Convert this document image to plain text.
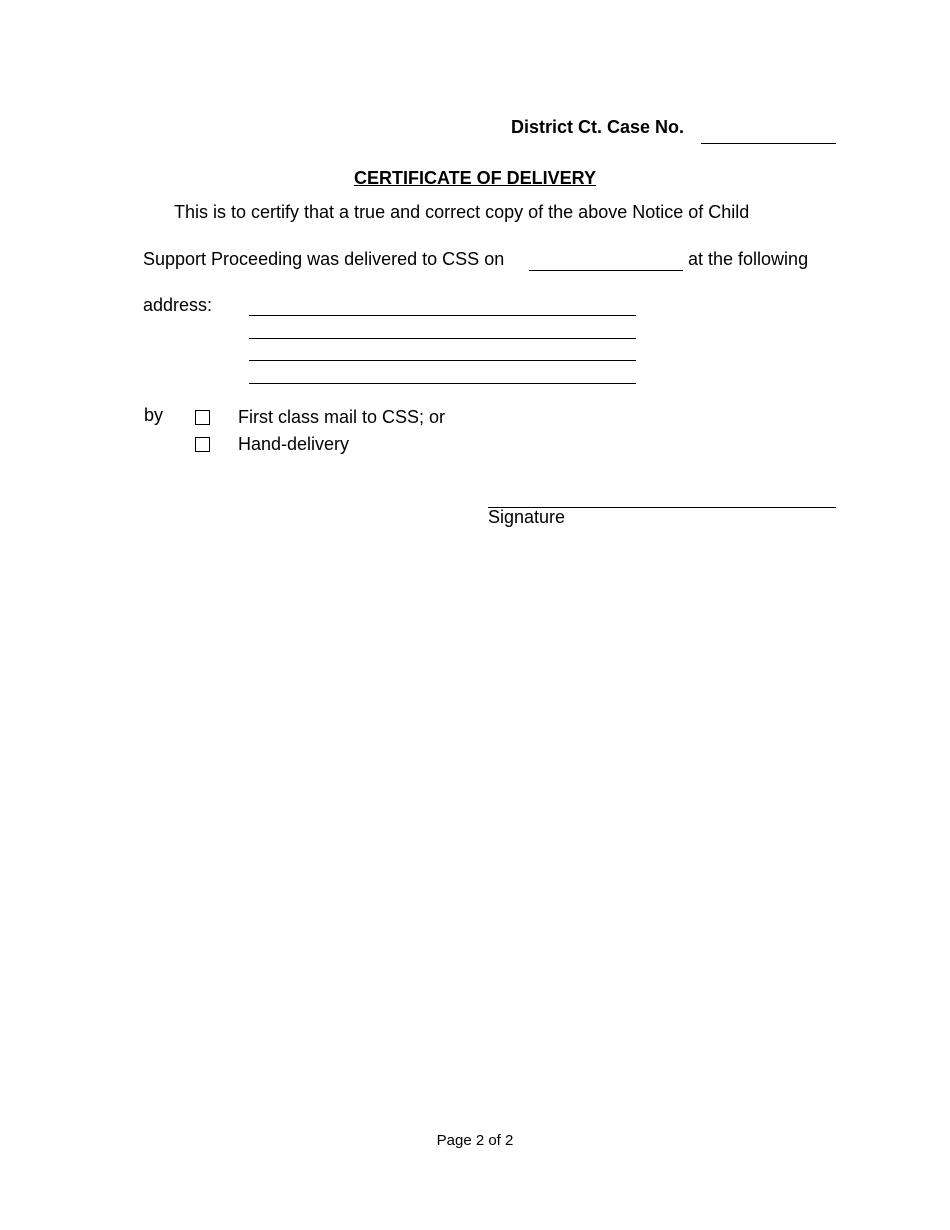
District Ct. Case No.
CERTIFICATE OF DELIVERY
This is to certify that a true and correct copy of the above Notice of Child
Support Proceeding was delivered to CSS on	at the following
address:
by	First class mail to CSS; or
Hand-delivery
Signature
Page 2 of 2
